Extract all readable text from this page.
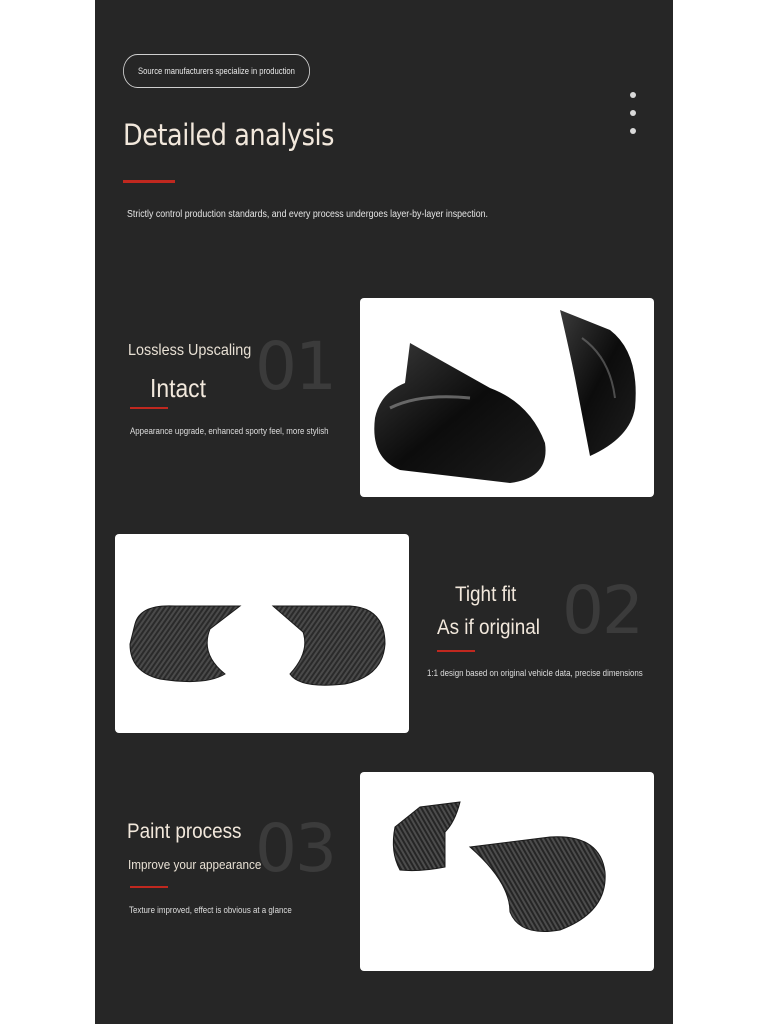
Source manufacturers specialize in production
Detailed analysis
Strictly control production standards, and every process undergoes layer-by-layer inspection.
01
Lossless Upscaling
Intact
Appearance upgrade, enhanced sporty feel, more stylish
02
Tight fit
As if original
1:1 design based on original vehicle data, precise dimensions
03
Paint process
Improve your appearance
Texture improved, effect is obvious at a glance
